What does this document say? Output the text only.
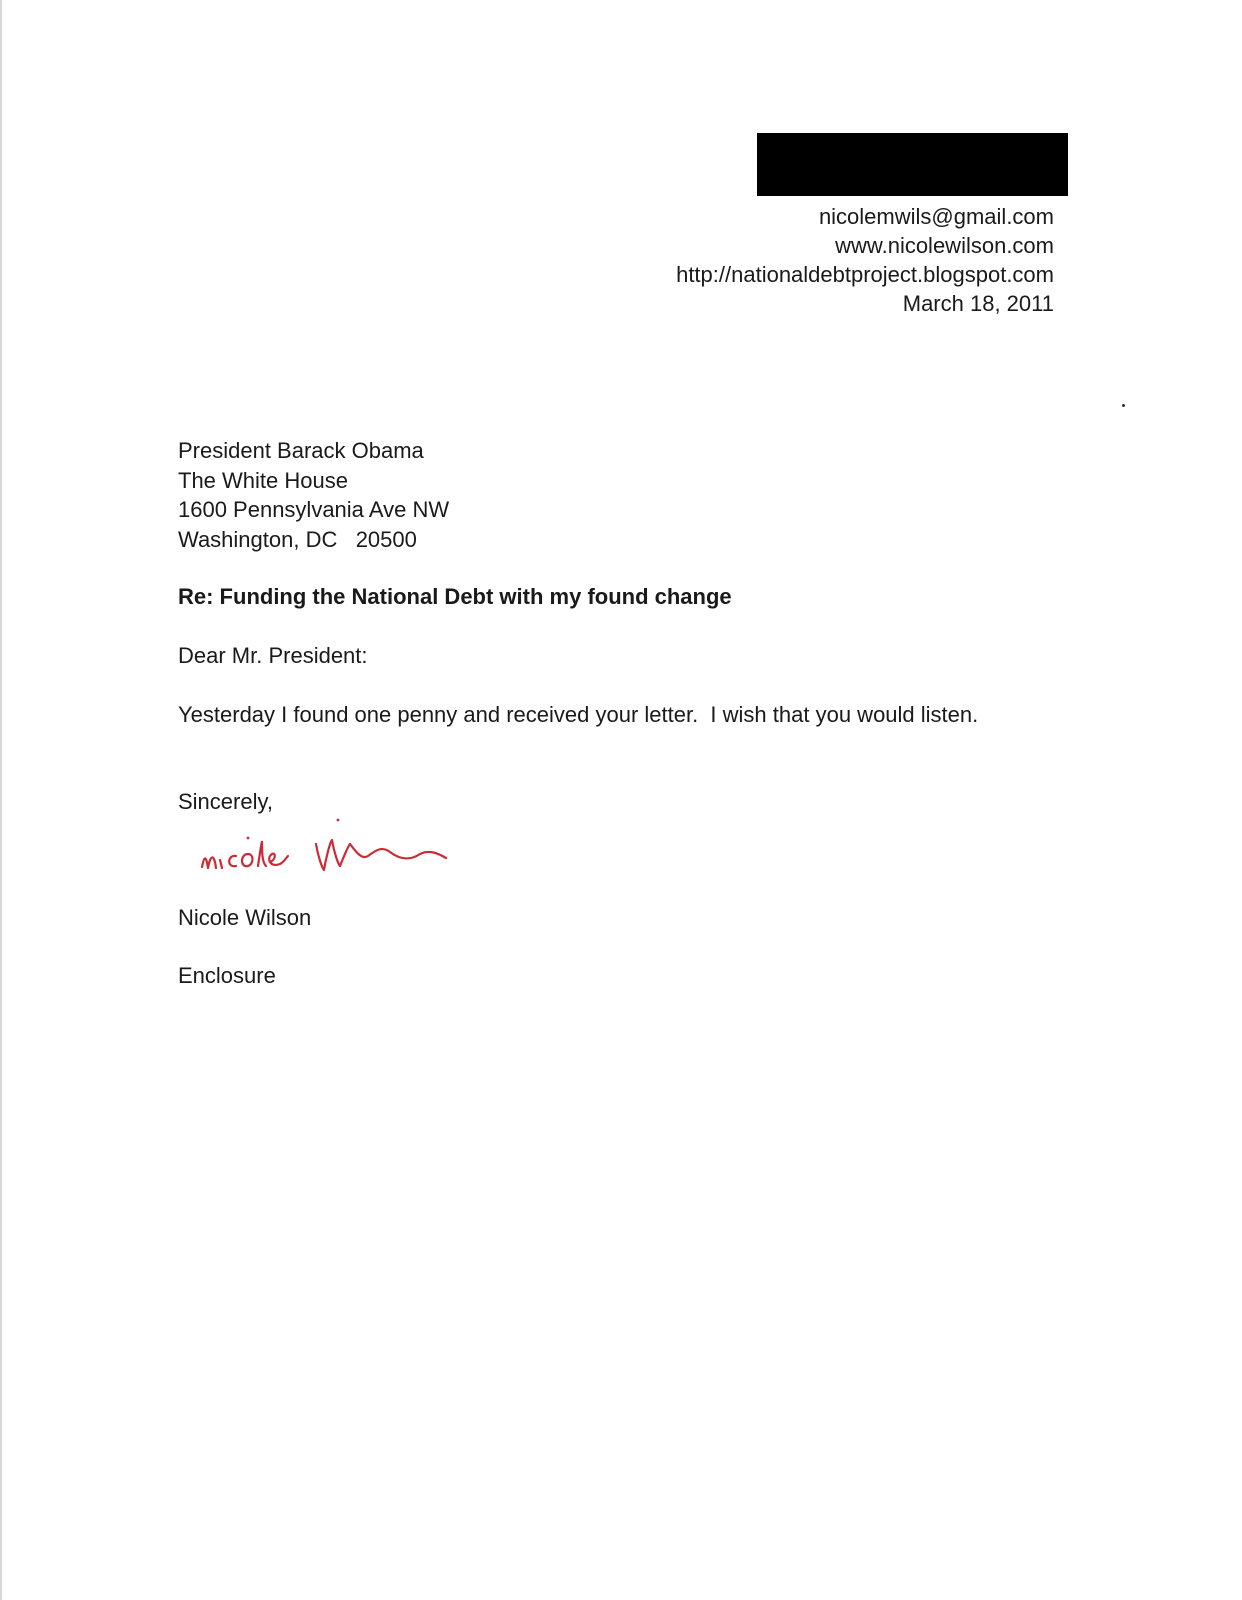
nicolemwils@gmail.com
www.nicolewilson.com
http://nationaldebtproject.blogspot.com
March 18, 2011
President Barack Obama
The White House
1600 Pennsylvania Ave NW
Washington, DC   20500
Re: Funding the National Debt with my found change
Dear Mr. President:
Yesterday I found one penny and received your letter.  I wish that you would listen.
Sincerely,
Nicole Wilson
Enclosure
